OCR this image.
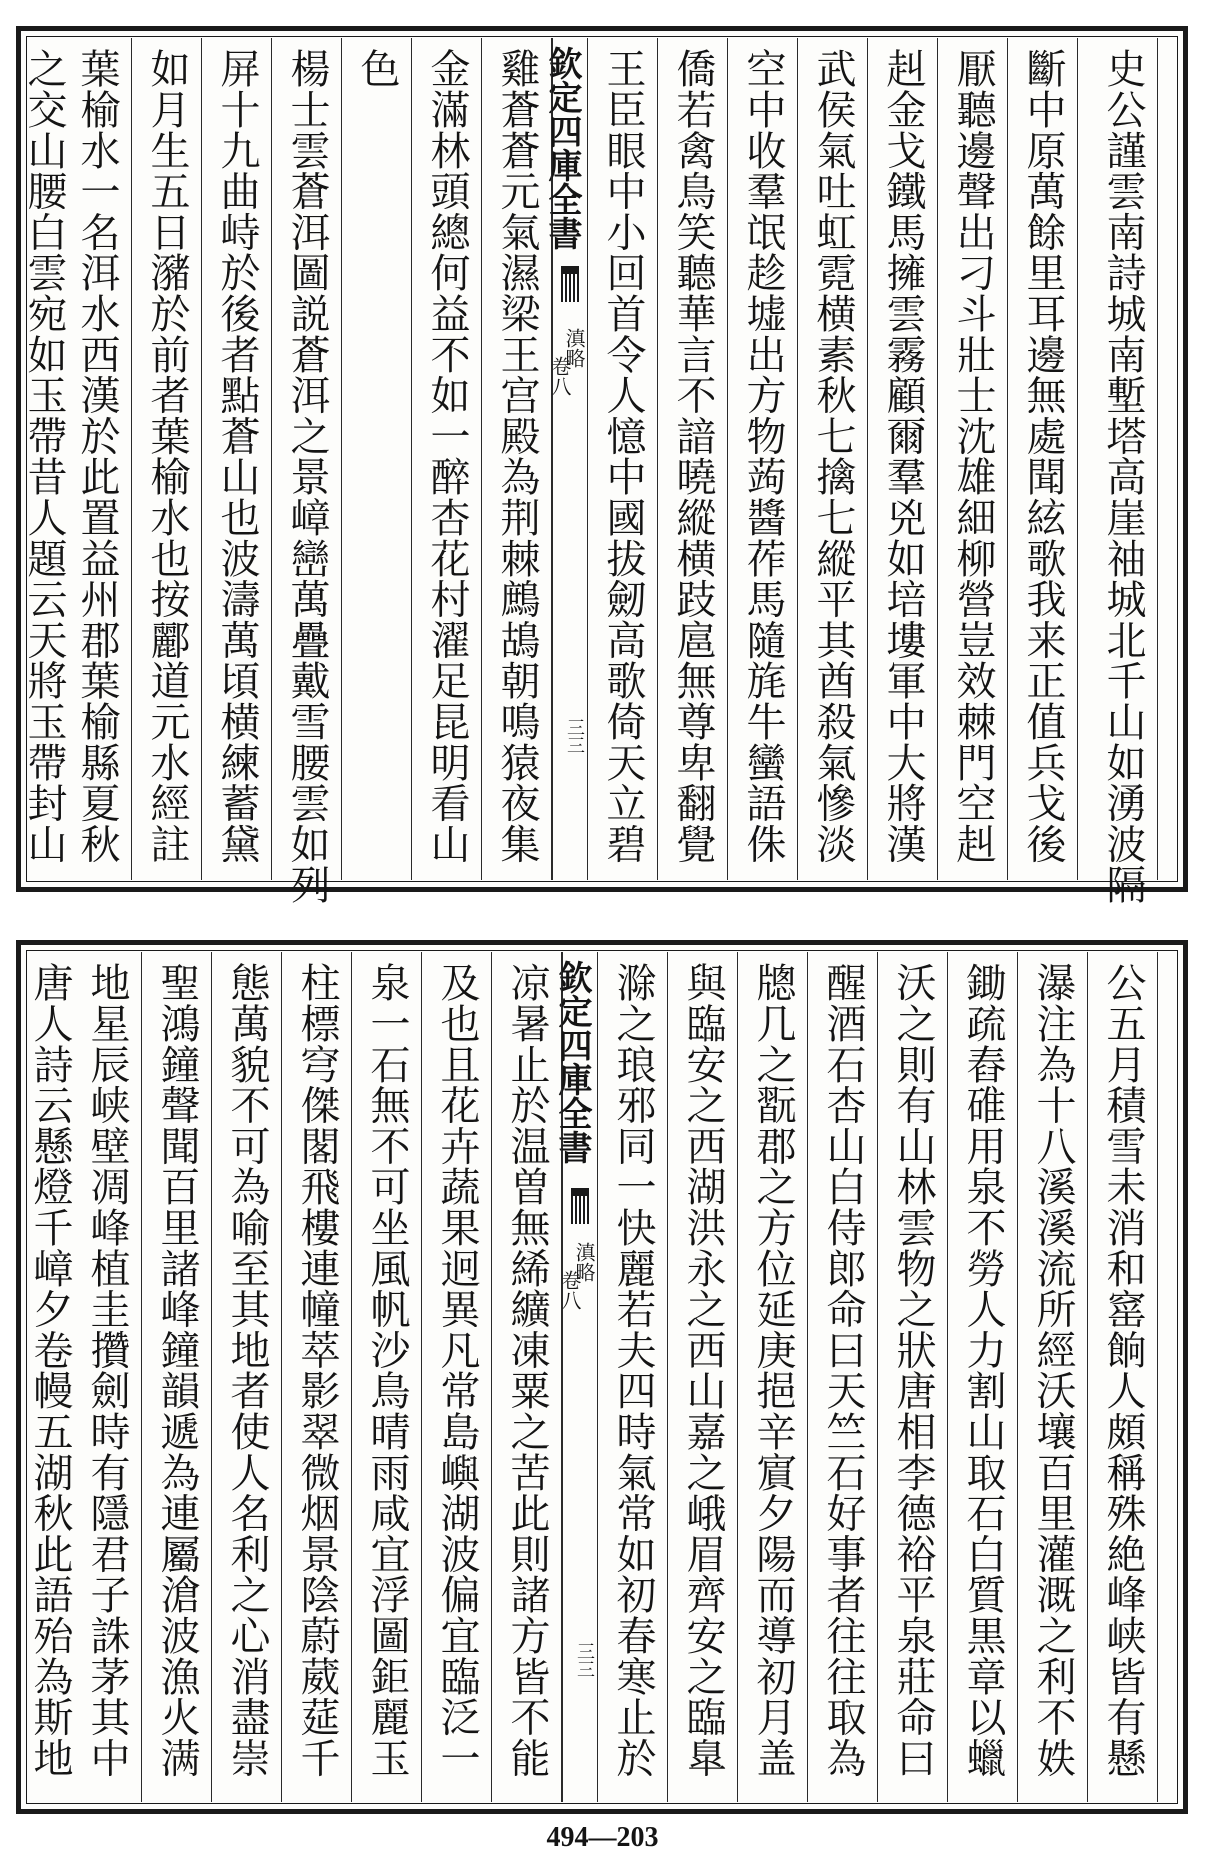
史公謹雲南詩城南塹塔高崖䄂城北千山如湧波隔
斷中原萬餘里耳邊無處聞絃歌我来正值兵戈後
厭聽邊聲出刁斗壯士沈雄細柳營豈效棘門空赳
赳金戈鐵馬擁雲霧顧爾羣兇如培塿軍中大將漢
武侯氣吐虹霓横素秋七擒七縱平其酋殺氣慘淡
空中收羣氓趁墟出方物蒟醬莋馬隨旄牛蠻語侏
僑若禽鳥笑聽華言不諳曉縱横跂扈無尊卑翻覺
王臣眼中小回首令人憶中國拔劒高歌倚天立碧
欽定四庫全書
滇略
卷八
三三
雞蒼蒼元氣濕梁王宫殿為荆棘鷓鴣朝鳴猿夜集
金滿林頭總何益不如一醉杏花村濯足昆明看山
色
楊士雲蒼洱圖説蒼洱之景嶂巒萬疊戴雪腰雲如列
屏十九曲峙於後者點蒼山也波濤萬頃横練蓄黛
如月生五日瀦於前者葉榆水也按酈道元水經註
葉榆水一名洱水西漢於此置益州郡葉榆縣夏秋
之交山腰白雲宛如玉帶昔人題云天將玉帶封山
公五月積雪未消和窰餉人頗稱殊絶峰峡皆有懸
瀑注為十八溪溪流所經沃壤百里灌溉之利不妷
鋤疏舂碓用泉不勞人力割山取石白質黒章以蠟
沃之則有山林雲物之狀唐相李德裕平泉莊命曰
醒酒石杏山白侍郎命曰天竺石好事者往往取為
牕几之翫郡之方位延庚挹辛賔夕陽而導初月盖
與臨安之西湖洪永之西山嘉之峨眉齊安之臨臯
滁之琅邪同一快麗若夫四時氣常如初春寒止於
欽定四庫全書
滇略
卷八
三三
凉暑止於温曽無絺纊凍粟之苦此則諸方皆不能
及也且花卉蔬果迥異凡常島嶼湖波偏宜臨泛一
泉一石無不可坐風帆沙鳥晴雨咸宜浮圖鉅麗玉
柱標穹傑閣飛樓連幢萃影翠微烟景陰蔚葳莚千
態萬貌不可為喻至其地者使人名利之心消盡崇
聖鴻鐘聲聞百里諸峰鐘韻遞為連屬滄波漁火满
地星辰峡壁凋峰植圭攢劍時有隱君子誅茅其中
唐人詩云懸燈千嶂夕卷幔五湖秋此語殆為斯地
494—203
